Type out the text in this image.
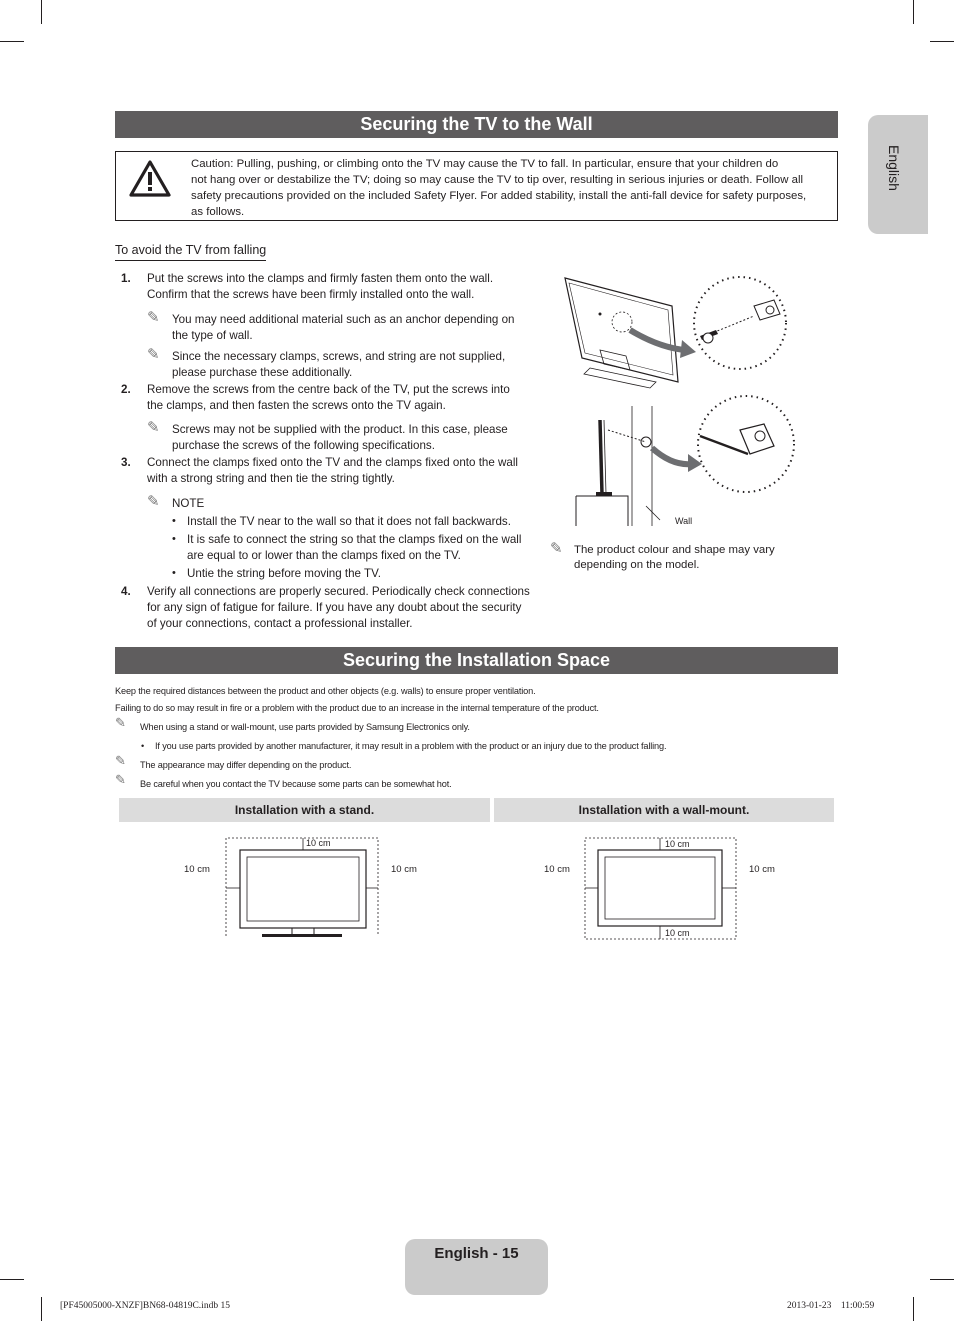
English
Securing the TV to the Wall
Caution: Pulling, pushing, or climbing onto the TV may cause the TV to fall. In particular, ensure that your children do
not hang over or destabilize the TV; doing so may cause the TV to tip over, resulting in serious injuries or death. Follow all
safety precautions provided on the included Safety Flyer. For added stability, install the anti-fall device for safety purposes,
as follows.
To avoid the TV from falling
1. Put the screws into the clamps and firmly fasten them onto the wall.
Confirm that the screws have been firmly installed onto the wall.
✎ You may need additional material such as an anchor depending on
the type of wall.
✎ Since the necessary clamps, screws, and string are not supplied,
please purchase these additionally.
2. Remove the screws from the centre back of the TV, put the screws into
the clamps, and then fasten the screws onto the TV again.
✎ Screws may not be supplied with the product. In this case, please
purchase the screws of the following specifications.
3. Connect the clamps fixed onto the TV and the clamps fixed onto the wall
with a strong string and then tie the string tightly.
✎ NOTE
• Install the TV near to the wall so that it does not fall backwards.
• It is safe to connect the string so that the clamps fixed on the wall
are equal to or lower than the clamps fixed on the TV.
• Untie the string before moving the TV.
4. Verify all connections are properly secured. Periodically check connections
for any sign of fatigue for failure. If you have any doubt about the security
of your connections, contact a professional installer.
Wall
✎ The product colour and shape may vary
depending on the model.
Securing the Installation Space
Keep the required distances between the product and other objects (e.g. walls) to ensure proper ventilation.
Failing to do so may result in fire or a problem with the product due to an increase in the internal temperature of the product.
✎ When using a stand or wall-mount, use parts provided by Samsung Electronics only.
• If you use parts provided by another manufacturer, it may result in a problem with the product or an injury due to the product falling.
✎ The appearance may differ depending on the product.
✎ Be careful when you contact the TV because some parts can be somewhat hot.
Installation with a stand.	Installation with a wall-mount.
10 cm
10 cm	10 cm
10 cm
10 cm
10 cm	10 cm
English - 15
[PF45005000-XNZF]BN68-04819C.indb 15	2013-01-23    11:00:59
